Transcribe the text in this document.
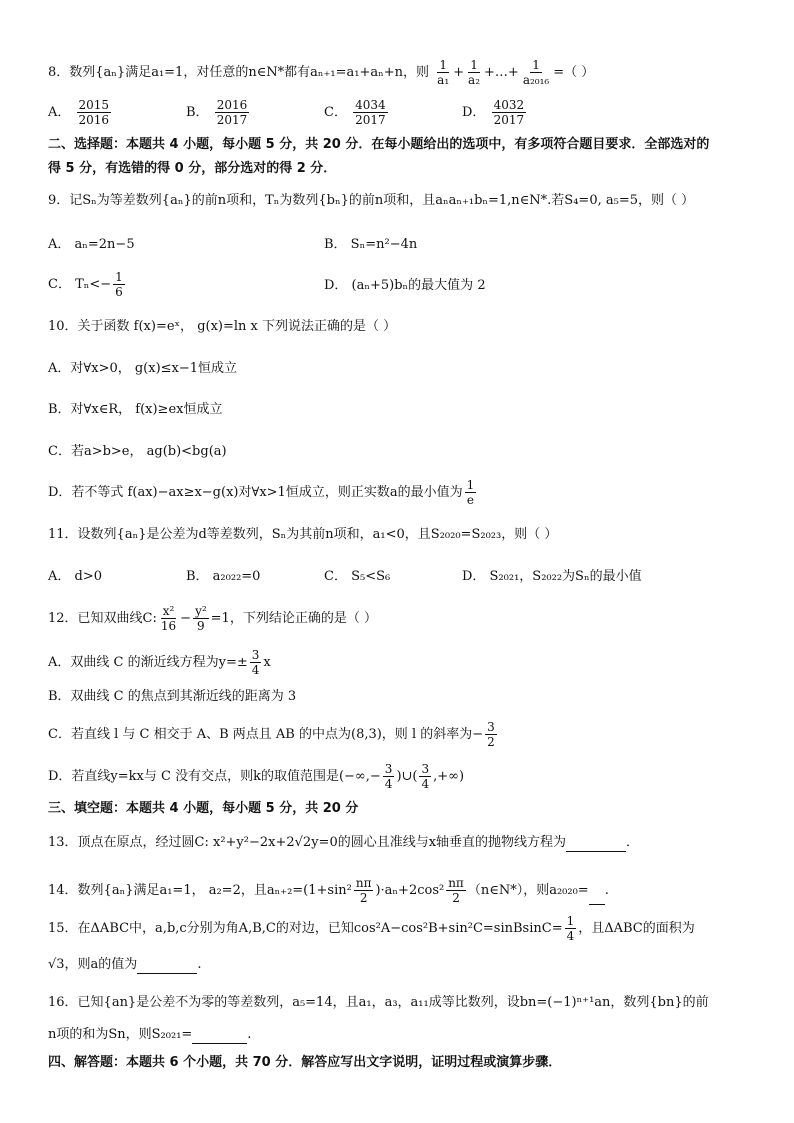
8．数列{aₙ}满足a₁=1，对任意的n∈N*都有aₙ₊₁=a₁+aₙ+n，则 $\frac{1}{\text{a₁}} + \frac{1}{\text{a₂}}$ +…+ $\frac{1}{\text{a₂₀₁₆}}$ =（ ）
A． $\frac{2015}{2016}$	B． $\frac{2016}{2017}$	C． $\frac{4034}{2017}$	D． $\frac{4032}{2017}$
二、选择题：本题共 4 小题，每小题 5 分，共 20 分．在每小题给出的选项中，有多项符合题目要求．全部选对的
得 5 分，有选错的得 0 分，部分选对的得 2 分．
9．记Sₙ为等差数列{aₙ}的前n项和，Tₙ为数列{bₙ}的前n项和，且aₙaₙ₊₁bₙ=1,n∈N*.若S₄=0, a₅=5，则（ ）
A． aₙ=2n−5	B． Sₙ=n²−4n
C． $T_n<- \frac{1}{6}$	D． (aₙ+5)bₙ的最大值为 2
10．关于函数 f(x)=eˣ， g(x)=ln x 下列说法正确的是（ ）
A．对∀x>0， g(x)≤x−1恒成立
B．对∀x∈R， f(x)≥ex恒成立
C．若a>b>e， ag(b)<bg(a)
D．若不等式 f(ax)−ax≥x−g(x)对∀x>1恒成立，则正实数a的最小值为 $\frac{1}{e}$
11．设数列{aₙ}是公差为d等差数列，Sₙ为其前n项和，a₁<0，且S₂₀₂₀=S₂₀₂₃，则（ ）
A． d>0	B． a₂₀₂₂=0	C． S₅<S₆	D． S₂₀₂₁，S₂₀₂₂为Sₙ的最小值
12．已知双曲线C: $\frac{\text{x²}}{16} - \frac{\text{y²}}{9} =1$，下列结论正确的是（ ）
A．双曲线 C 的渐近线方程为$y=\pm \frac{3}{4}$ x
B．双曲线 C 的焦点到其渐近线的距离为 3
C．若直线 l 与 C 相交于 A、B 两点且 AB 的中点为(8,3)，则 l 的斜率为− $\frac{3}{2}$
D．若直线y=kx与 C 没有交点，则k的取值范围是(−∞,− $\frac{3}{4}$ )∪( $\frac{3}{4}$ ,+∞)
三、填空题：本题共 4 小题，每小题 5 分，共 20 分
13．顶点在原点，经过圆C: x²+y²−2x+2√2y=0的圆心且准线与x轴垂直的抛物线方程为	．
14．数列{aₙ}满足a₁=1， a₂=2，且$a_{n+2}=(1+\sin^2 \frac{n\pi}{2} )\cdot a_n+2\cos^2 \frac{n\pi}{2}$ （n∈N*），则a₂₀₂₀= .
15．在ΔABC中，a,b,c分别为角A,B,C的对边，已知cos²A−cos²B+sin²C=sinBsinC= $\frac{1}{4}$ ，且ΔABC的面积为
√3，则a的值为	.
16．已知{an}是公差不为零的等差数列，a₅=14，且a₁，a₃，a₁₁成等比数列，设bn=(−1)ⁿ⁺¹an，数列{bn}的前
n项的和为Sn，则S₂₀₂₁=	.
四、解答题：本题共 6 个小题，共 70 分．解答应写出文字说明，证明过程或演算步骤．
